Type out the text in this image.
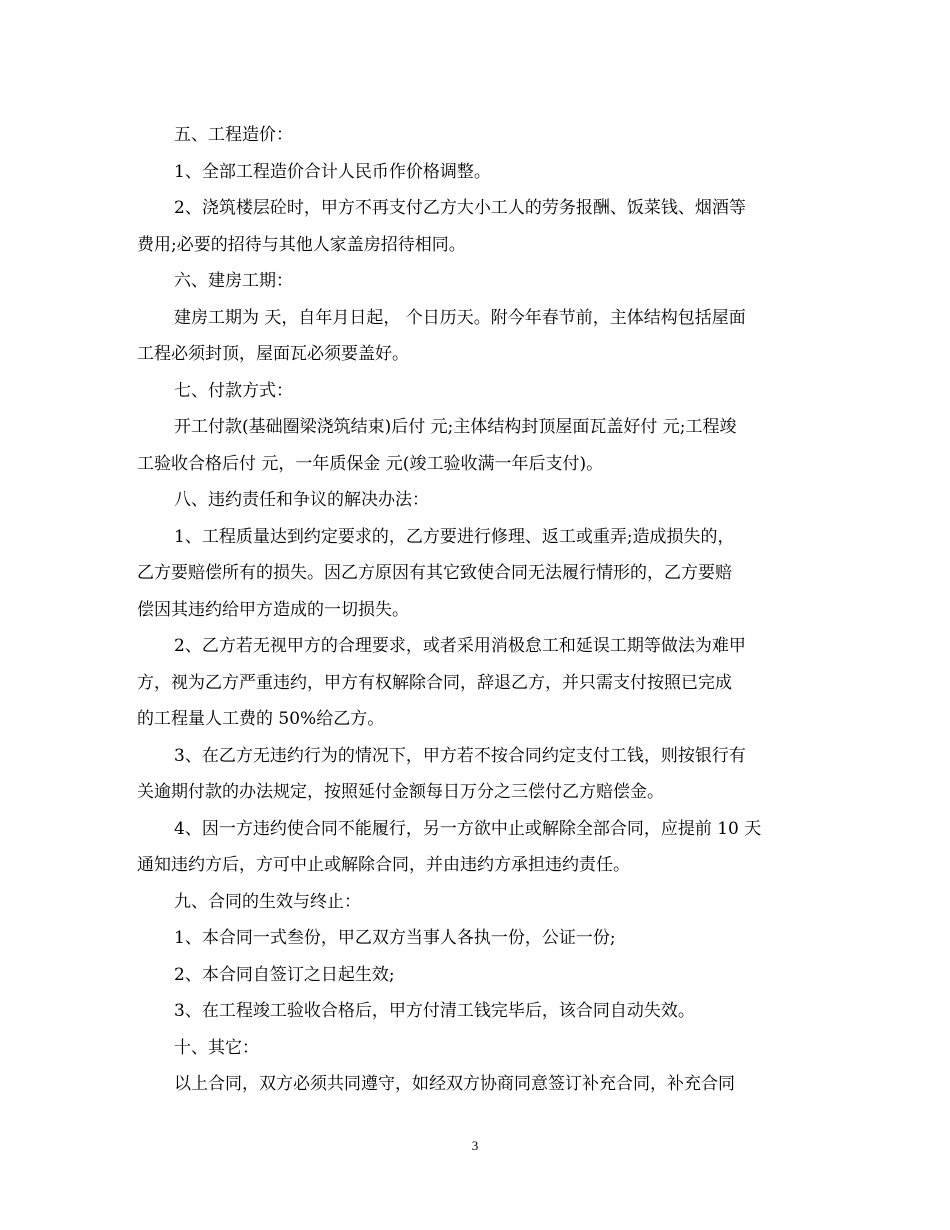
五、工程造价：
1、全部工程造价合计人民币作价格调整。
2、浇筑楼层砼时，甲方不再支付乙方大小工人的劳务报酬、饭菜钱、烟酒等
费用;必要的招待与其他人家盖房招待相同。
六、建房工期：
建房工期为 天，自年月日起， 个日历天。附今年春节前，主体结构包括屋面
工程必须封顶，屋面瓦必须要盖好。
七、付款方式：
开工付款(基础圈梁浇筑结束)后付 元;主体结构封顶屋面瓦盖好付 元;工程竣
工验收合格后付 元，一年质保金 元(竣工验收满一年后支付)。
八、违约责任和争议的解决办法：
1、工程质量达到约定要求的，乙方要进行修理、返工或重弄;造成损失的，
乙方要赔偿所有的损失。因乙方原因有其它致使合同无法履行情形的，乙方要赔
偿因其违约给甲方造成的一切损失。
2、乙方若无视甲方的合理要求，或者采用消极怠工和延误工期等做法为难甲
方，视为乙方严重违约，甲方有权解除合同，辞退乙方，并只需支付按照已完成
的工程量人工费的 50%给乙方。
3、在乙方无违约行为的情况下，甲方若不按合同约定支付工钱，则按银行有
关逾期付款的办法规定，按照延付金额每日万分之三偿付乙方赔偿金。
4、因一方违约使合同不能履行，另一方欲中止或解除全部合同，应提前 10 天
通知违约方后，方可中止或解除合同，并由违约方承担违约责任。
九、合同的生效与终止：
1、本合同一式叁份，甲乙双方当事人各执一份，公证一份;
2、本合同自签订之日起生效;
3、在工程竣工验收合格后，甲方付清工钱完毕后，该合同自动失效。
十、其它：
以上合同，双方必须共同遵守，如经双方协商同意签订补充合同，补充合同
3
